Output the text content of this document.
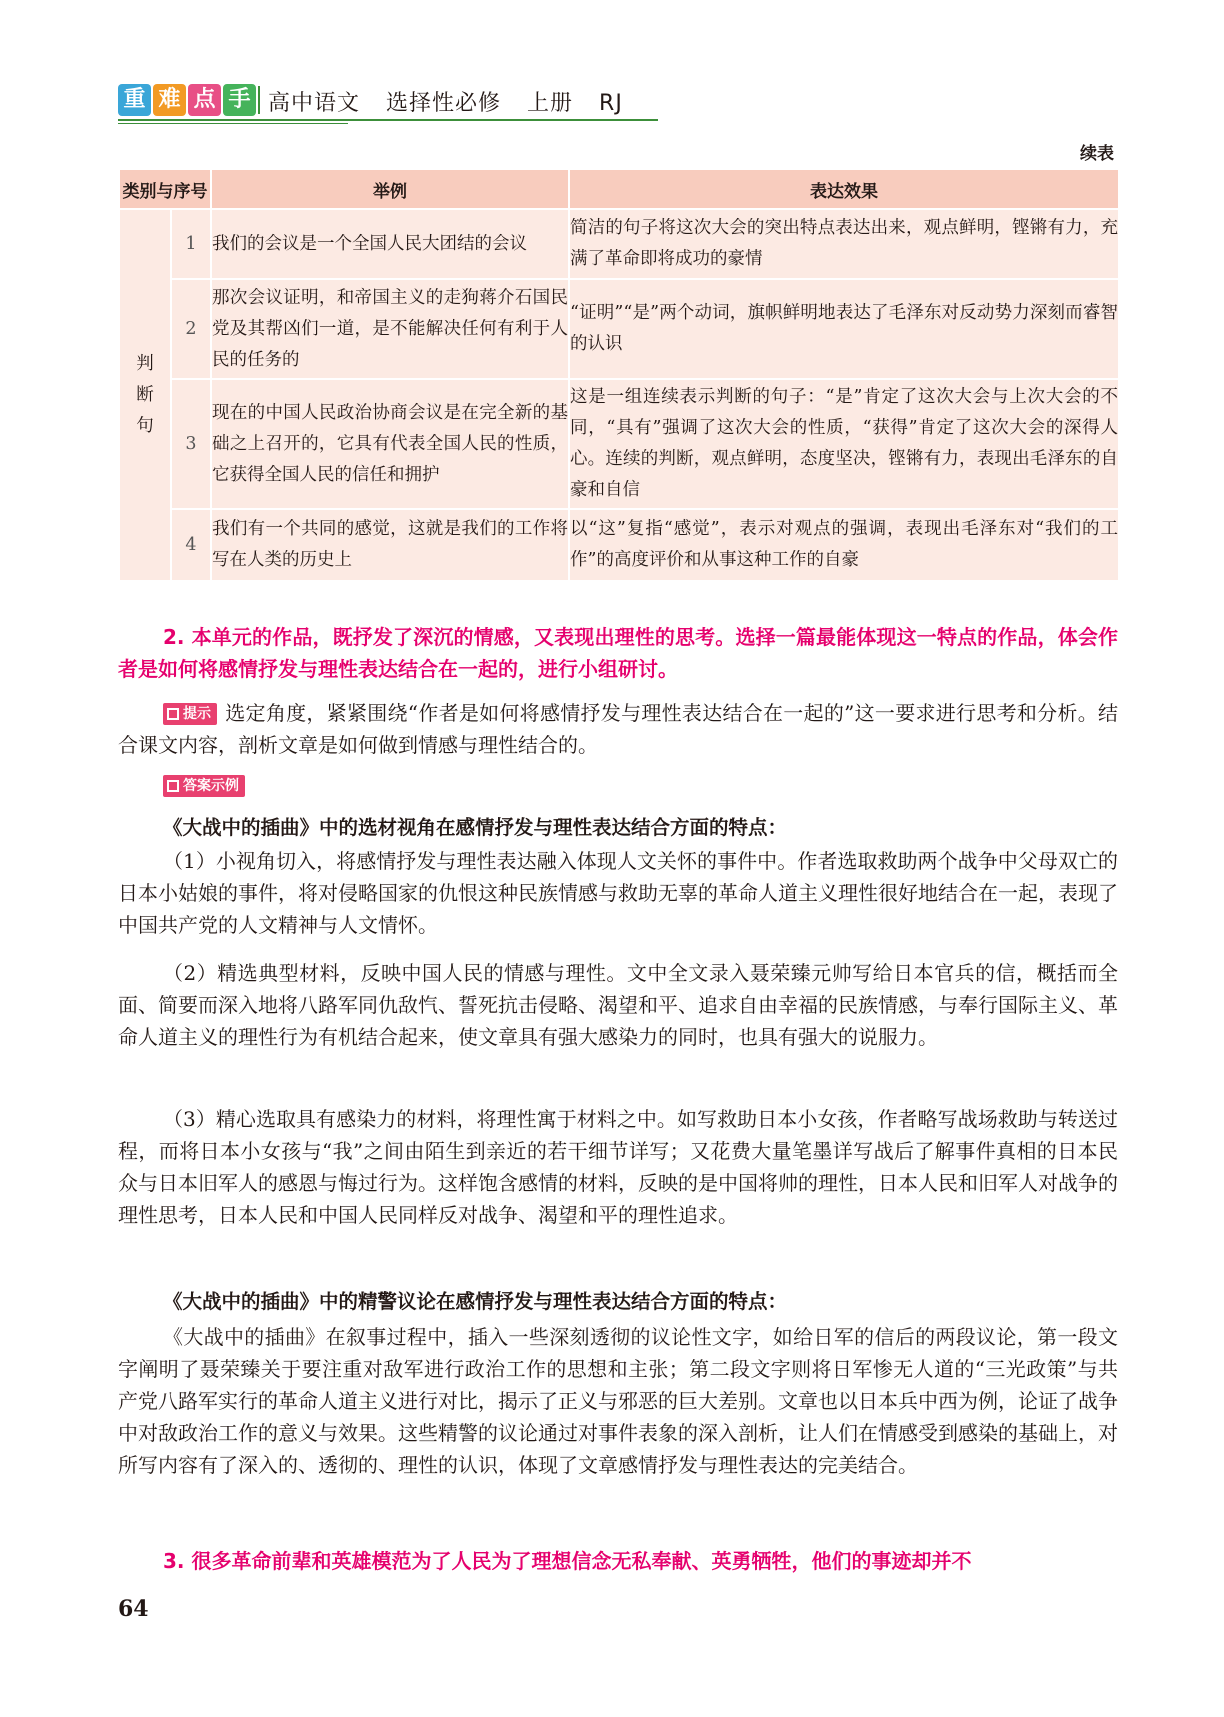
重 难 点 手 高中语文 选择性必修 上册 RJ
续表
类别与序号		举例	表达效果

判断句	1	我们的会议是一个全国人民大团结的会议	简洁的句子将这次大会的突出特点表达出来，观点鲜明，铿锵有力，充满了革命即将成功的豪情
	2	那次会议证明，和帝国主义的走狗蒋介石国民党及其帮凶们一道，是不能解决任何有利于人民的任务的	“证明”“是”两个动词，旗帜鲜明地表达了毛泽东对反动势力深刻而睿智的认识
	3	现在的中国人民政治协商会议是在完全新的基础之上召开的，它具有代表全国人民的性质，它获得全国人民的信任和拥护	这是一组连续表示判断的句子：“是”肯定了这次大会与上次大会的不同，“具有”强调了这次大会的性质，“获得”肯定了这次大会的深得人心。连续的判断，观点鲜明，态度坚决，铿锵有力，表现出毛泽东的自豪和自信
	4	我们有一个共同的感觉，这就是我们的工作将写在人类的历史上	以“这”复指“感觉”，表示对观点的强调，表现出毛泽东对“我们的工作”的高度评价和从事这种工作的自豪

2. 本单元的作品，既抒发了深沉的情感，又表现出理性的思考。选择一篇最能体现这一特点的作品，体会作者是如何将感情抒发与理性表达结合在一起的，进行小组研讨。

提示 选定角度，紧紧围绕“作者是如何将感情抒发与理性表达结合在一起的”这一要求进行思考和分析。结合课文内容，剖析文章是如何做到情感与理性结合的。

答案示例
《大战中的插曲》中的选材视角在感情抒发与理性表达结合方面的特点：

（1）小视角切入，将感情抒发与理性表达融入体现人文关怀的事件中。作者选取救助两个战争中父母双亡的日本小姑娘的事件，将对侵略国家的仇恨这种民族情感与救助无辜的革命人道主义理性很好地结合在一起，表现了中国共产党的人文精神与人文情怀。

（2）精选典型材料，反映中国人民的情感与理性。文中全文录入聂荣臻元帅写给日本官兵的信，概括而全面、简要而深入地将八路军同仇敌忾、誓死抗击侵略、渴望和平、追求自由幸福的民族情感，与奉行国际主义、革命人道主义的理性行为有机结合起来，使文章具有强大感染力的同时，也具有强大的说服力。

（3）精心选取具有感染力的材料，将理性寓于材料之中。如写救助日本小女孩，作者略写战场救助与转送过程，而将日本小女孩与“我”之间由陌生到亲近的若干细节详写；又花费大量笔墨详写战后了解事件真相的日本民众与日本旧军人的感恩与悔过行为。这样饱含感情的材料，反映的是中国将帅的理性，日本人民和旧军人对战争的理性思考，日本人民和中国人民同样反对战争、渴望和平的理性追求。

《大战中的插曲》中的精警议论在感情抒发与理性表达结合方面的特点：

《大战中的插曲》在叙事过程中，插入一些深刻透彻的议论性文字，如给日军的信后的两段议论，第一段文字阐明了聂荣臻关于要注重对敌军进行政治工作的思想和主张；第二段文字则将日军惨无人道的“三光政策”与共产党八路军实行的革命人道主义进行对比，揭示了正义与邪恶的巨大差别。文章也以日本兵中西为例，论证了战争中对敌政治工作的意义与效果。这些精警的议论通过对事件表象的深入剖析，让人们在情感受到感染的基础上，对所写内容有了深入的、透彻的、理性的认识，体现了文章感情抒发与理性表达的完美结合。

3. 很多革命前辈和英雄模范为了人民为了理想信念无私奉献、英勇牺牲，他们的事迹却并不

64
